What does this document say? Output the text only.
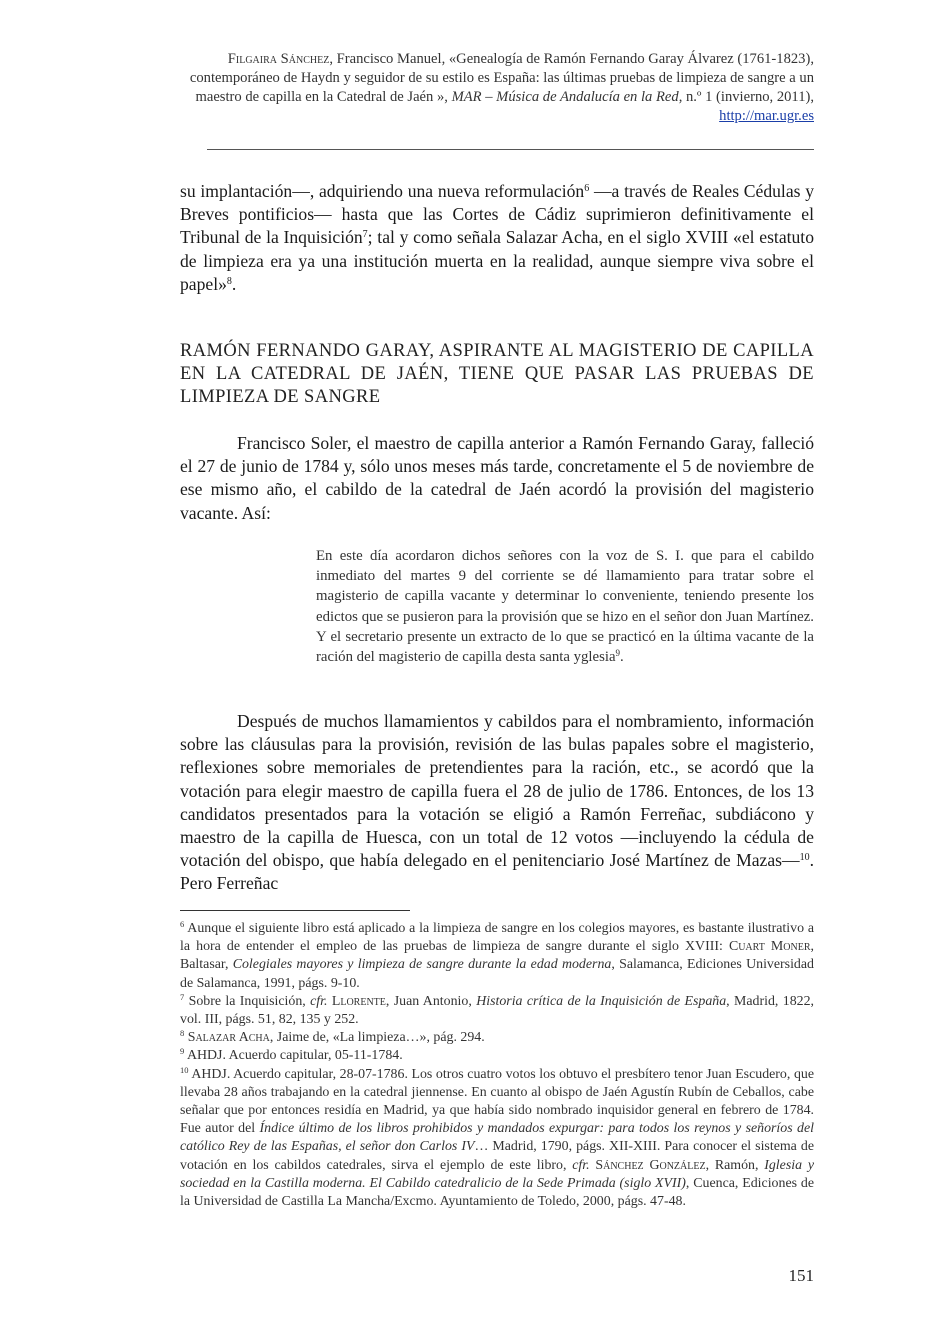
Filgaira Sánchez, Francisco Manuel, «Genealogía de Ramón Fernando Garay Álvarez (1761-1823), contemporáneo de Haydn y seguidor de su estilo es España: las últimas pruebas de limpieza de sangre a un maestro de capilla en la Catedral de Jaén », MAR – Música de Andalucía en la Red, n.º 1 (invierno, 2011), http://mar.ugr.es

su implantación—, adquiriendo una nueva reformulación$^6$ —a través de Reales Cédulas y Breves pontificios— hasta que las Cortes de Cádiz suprimieron definitivamente el Tribunal de la Inquisición$^7$; tal y como señala Salazar Acha, en el siglo XVIII «el estatuto de limpieza era ya una institución muerta en la realidad, aunque siempre viva sobre el papel»$^8$.

RAMÓN FERNANDO GARAY, ASPIRANTE AL MAGISTERIO DE CAPILLA EN LA CATEDRAL DE JAÉN, TIENE QUE PASAR LAS PRUEBAS DE LIMPIEZA DE SANGRE

Francisco Soler, el maestro de capilla anterior a Ramón Fernando Garay, falleció el 27 de junio de 1784 y, sólo unos meses más tarde, concretamente el 5 de noviembre de ese mismo año, el cabildo de la catedral de Jaén acordó la provisión del magisterio vacante. Así:

En este día acordaron dichos señores con la voz de S. I. que para el cabildo inmediato del martes 9 del corriente se dé llamamiento para tratar sobre el magisterio de capilla vacante y determinar lo conveniente, teniendo presente los edictos que se pusieron para la provisión que se hizo en el señor don Juan Martínez. Y el secretario presente un extracto de lo que se practicó en la última vacante de la ración del magisterio de capilla desta santa yglesia$^9$.

Después de muchos llamamientos y cabildos para el nombramiento, información sobre las cláusulas para la provisión, revisión de las bulas papales sobre el magisterio, reflexiones sobre memoriales de pretendientes para la ración, etc., se acordó que la votación para elegir maestro de capilla fuera el 28 de julio de 1786. Entonces, de los 13 candidatos presentados para la votación se eligió a Ramón Ferreñac, subdiácono y maestro de la capilla de Huesca, con un total de 12 votos —incluyendo la cédula de votación del obispo, que había delegado en el penitenciario José Martínez de Mazas—$^{10}$. Pero Ferreñac

$^6$ Aunque el siguiente libro está aplicado a la limpieza de sangre en los colegios mayores, es bastante ilustrativo a la hora de entender el empleo de las pruebas de limpieza de sangre durante el siglo XVIII: Cuart Moner, Baltasar, Colegiales mayores y limpieza de sangre durante la edad moderna, Salamanca, Ediciones Universidad de Salamanca, 1991, págs. 9-10.

$^7$ Sobre la Inquisición, cfr. Llorente, Juan Antonio, Historia crítica de la Inquisición de España, Madrid, 1822, vol. III, págs. 51, 82, 135 y 252.

$^8$ Salazar Acha, Jaime de, «La limpieza…», pág. 294.

$^9$ AHDJ. Acuerdo capitular, 05-11-1784.

$^{10}$ AHDJ. Acuerdo capitular, 28-07-1786. Los otros cuatro votos los obtuvo el presbítero tenor Juan Escudero, que llevaba 28 años trabajando en la catedral jiennense. En cuanto al obispo de Jaén Agustín Rubín de Ceballos, cabe señalar que por entonces residía en Madrid, ya que había sido nombrado inquisidor general en febrero de 1784. Fue autor del Índice último de los libros prohibidos y mandados expurgar: para todos los reynos y señoríos del católico Rey de las Españas, el señor don Carlos IV… Madrid, 1790, págs. XII-XIII. Para conocer el sistema de votación en los cabildos catedrales, sirva el ejemplo de este libro, cfr. Sánchez González, Ramón, Iglesia y sociedad en la Castilla moderna. El Cabildo catedralicio de la Sede Primada (siglo XVII), Cuenca, Ediciones de la Universidad de Castilla La Mancha/Excmo. Ayuntamiento de Toledo, 2000, págs. 47-48.

151
